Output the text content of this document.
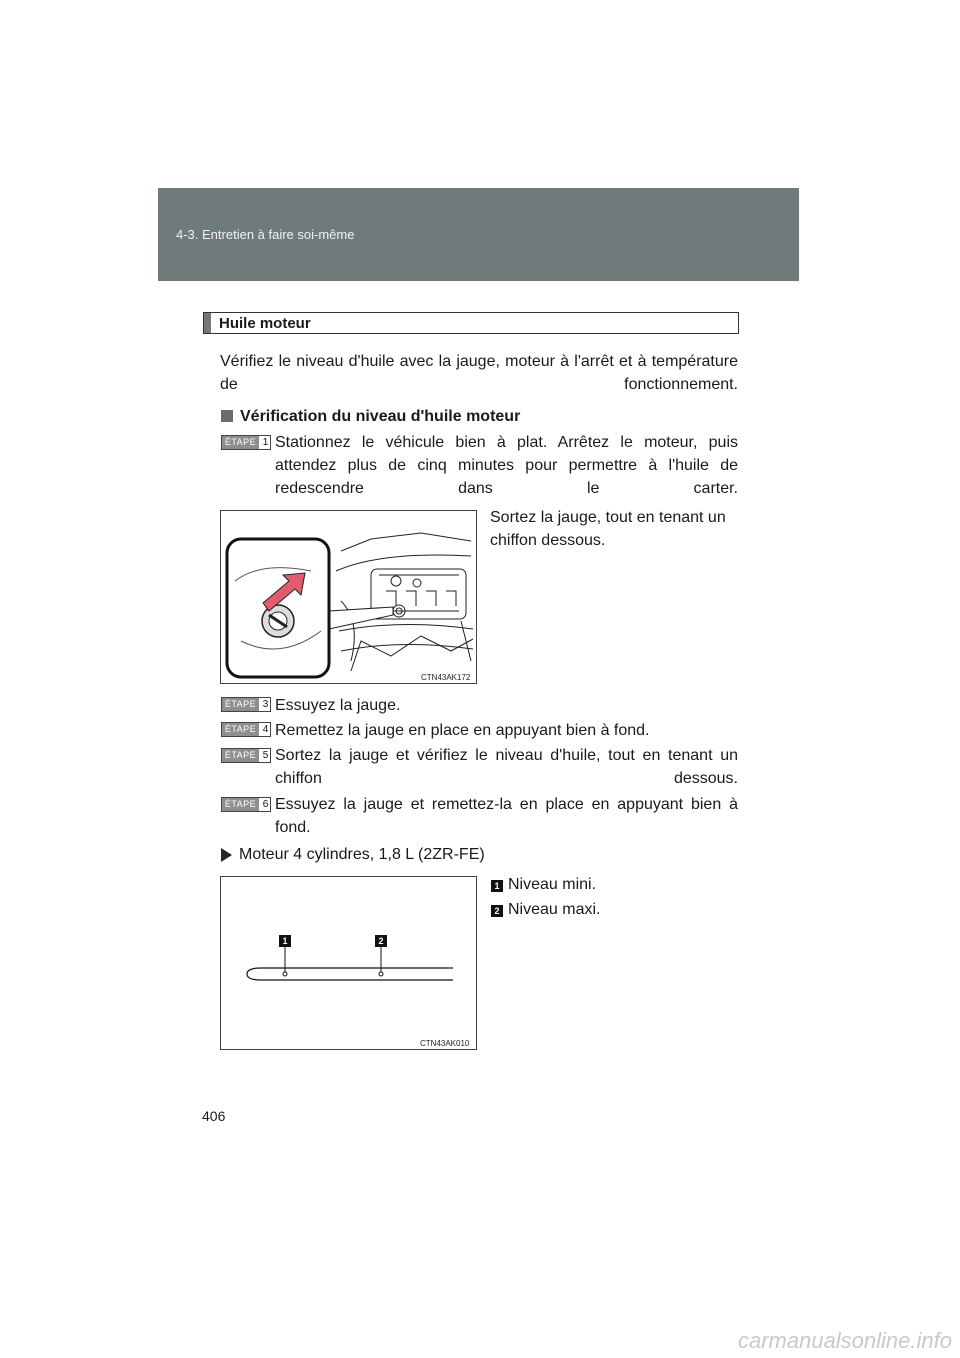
4-3. Entretien à faire soi-même
Huile moteur
Vérifiez le niveau d'huile avec la jauge, moteur à l'arrêt et à température de fonctionnement.
Vérification du niveau d'huile moteur
ÉTAPE 1 Stationnez le véhicule bien à plat. Arrêtez le moteur, puis attendez plus de cinq minutes pour permettre à l'huile de redescendre dans le carter.
CTN43AK172
Sortez la jauge, tout en tenant un chiffon dessous.
ÉTAPE 3 Essuyez la jauge.
ÉTAPE 4 Remettez la jauge en place en appuyant bien à fond.
ÉTAPE 5 Sortez la jauge et vérifiez le niveau d'huile, tout en tenant un chiffon dessous.
ÉTAPE 6 Essuyez la jauge et remettez-la en place en appuyant bien à fond.
Moteur 4 cylindres, 1,8 L (2ZR-FE)
1	2
CTN43AK010
1 Niveau mini.
2 Niveau maxi.
406
carmanualsonline.info
